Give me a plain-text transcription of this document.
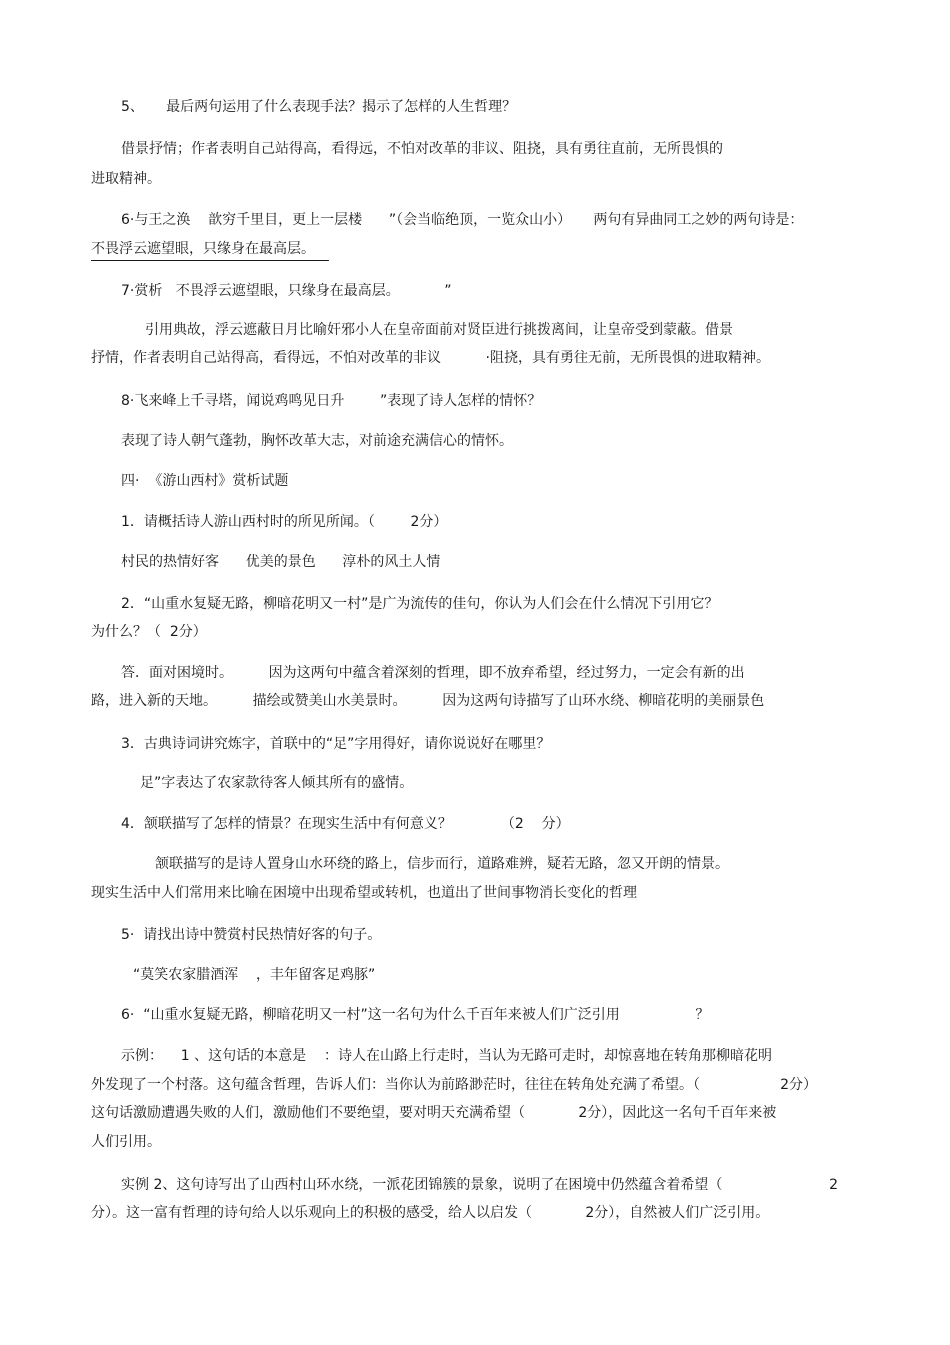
5、     最后两句运用了什么表现手法？揭示了怎样的人生哲理？

借景抒情；作者表明自己站得高，看得远，不怕对改革的非议、阻挠，具有勇往直前，无所畏惧的

进取精神。

6·与王之涣    歆穷千里目，更上一层楼      ”（会当临绝顶，一览众山小）     两句有异曲同工之妙的两句诗是：

不畏浮云遮望眼，只缘身在最高层。

7·赏析   不畏浮云遮望眼，只缘身在最高层。          ”

引用典故，浮云遮蔽日月比喻奸邪小人在皇帝面前对贤臣进行挑拨离间，让皇帝受到蒙蔽。借景

抒情，作者表明自己站得高，看得远，不怕对改革的非议          ·阻挠，具有勇往无前，无所畏惧的进取精神。

8·飞来峰上千寻塔，闻说鸡鸣见日升        ”表现了诗人怎样的情怀？

表现了诗人朝气蓬勃，胸怀改革大志，对前途充满信心的情怀。

四·  《游山西村》赏析试题

1．请概括诗人游山西村时的所见所闻。（        2分）

村民的热情好客      优美的景色      淳朴的风土人情

2．“山重水复疑无路，柳暗花明又一村”是广为流传的佳句，你认为人们会在什么情况下引用它？

为什么？（  2分）

答．面对困境时。        因为这两句中蕴含着深刻的哲理，即不放弃希望，经过努力，一定会有新的出

路，进入新的天地。        描绘或赞美山水美景时。        因为这两句诗描写了山环水绕、柳暗花明的美丽景色

3．古典诗词讲究炼字，首联中的“足”字用得好，请你说说好在哪里？

足”字表达了农家款待客人倾其所有的盛情。

4．颔联描写了怎样的情景？在现实生活中有何意义？           （2    分）

颔联描写的是诗人置身山水环绕的路上，信步而行，道路难辨，疑若无路，忽又开朗的情景。

现实生活中人们常用来比喻在困境中出现希望或转机，也道出了世间事物消长变化的哲理

5·  请找出诗中赞赏村民热情好客的句子。

“莫笑农家腊酒浑    ，丰年留客足鸡豚”

6·  “山重水复疑无路，柳暗花明又一村”这一名句为什么千百年来被人们广泛引用                 ？

示例：    1 、这句话的本意是    ：诗人在山路上行走时，当认为无路可走时，却惊喜地在转角那柳暗花明

外发现了一个村落。这句蕴含哲理，告诉人们：当你认为前路渺茫时，往往在转角处充满了希望。（                  2分）

这句话激励遭遇失败的人们，激励他们不要绝望，要对明天充满希望（            2分），因此这一名句千百年来被

人们引用。

实例 2、这句诗写出了山西村山环水绕，一派花团锦簇的景象，说明了在困境中仍然蕴含着希望（                        2

分）。这一富有哲理的诗句给人以乐观向上的积极的感受，给人以启发（            2分），自然被人们广泛引用。
